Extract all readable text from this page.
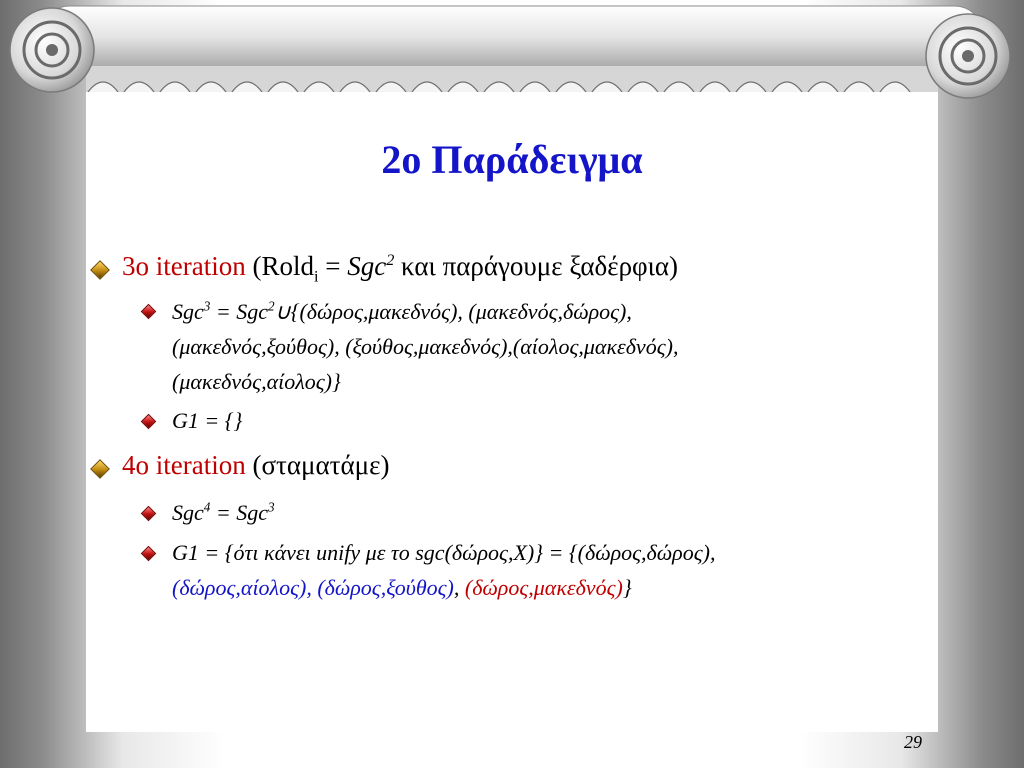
2ο Παράδειγμα
3ο iteration (Rold$_i$ = Sgc$^2$ και παράγουμε ξαδέρφια)
Sgc$^3$ = Sgc$^2$∪{(δώρος,μακεδνός), (μακεδνός,δώρος),
(μακεδνός,ξούθος), (ξούθος,μακεδνός),(αίολος,μακεδνός),
(μακεδνός,αίολος)}
G1 = {}
4ο iteration (σταματάμε)
Sgc$^4$ = Sgc$^3$
G1 = {ότι κάνει unify με το sgc(δώρος,X)} = {(δώρος,δώρος),
(δώρος,αίολος), (δώρος,ξούθος), (δώρος,μακεδνός)}
29
